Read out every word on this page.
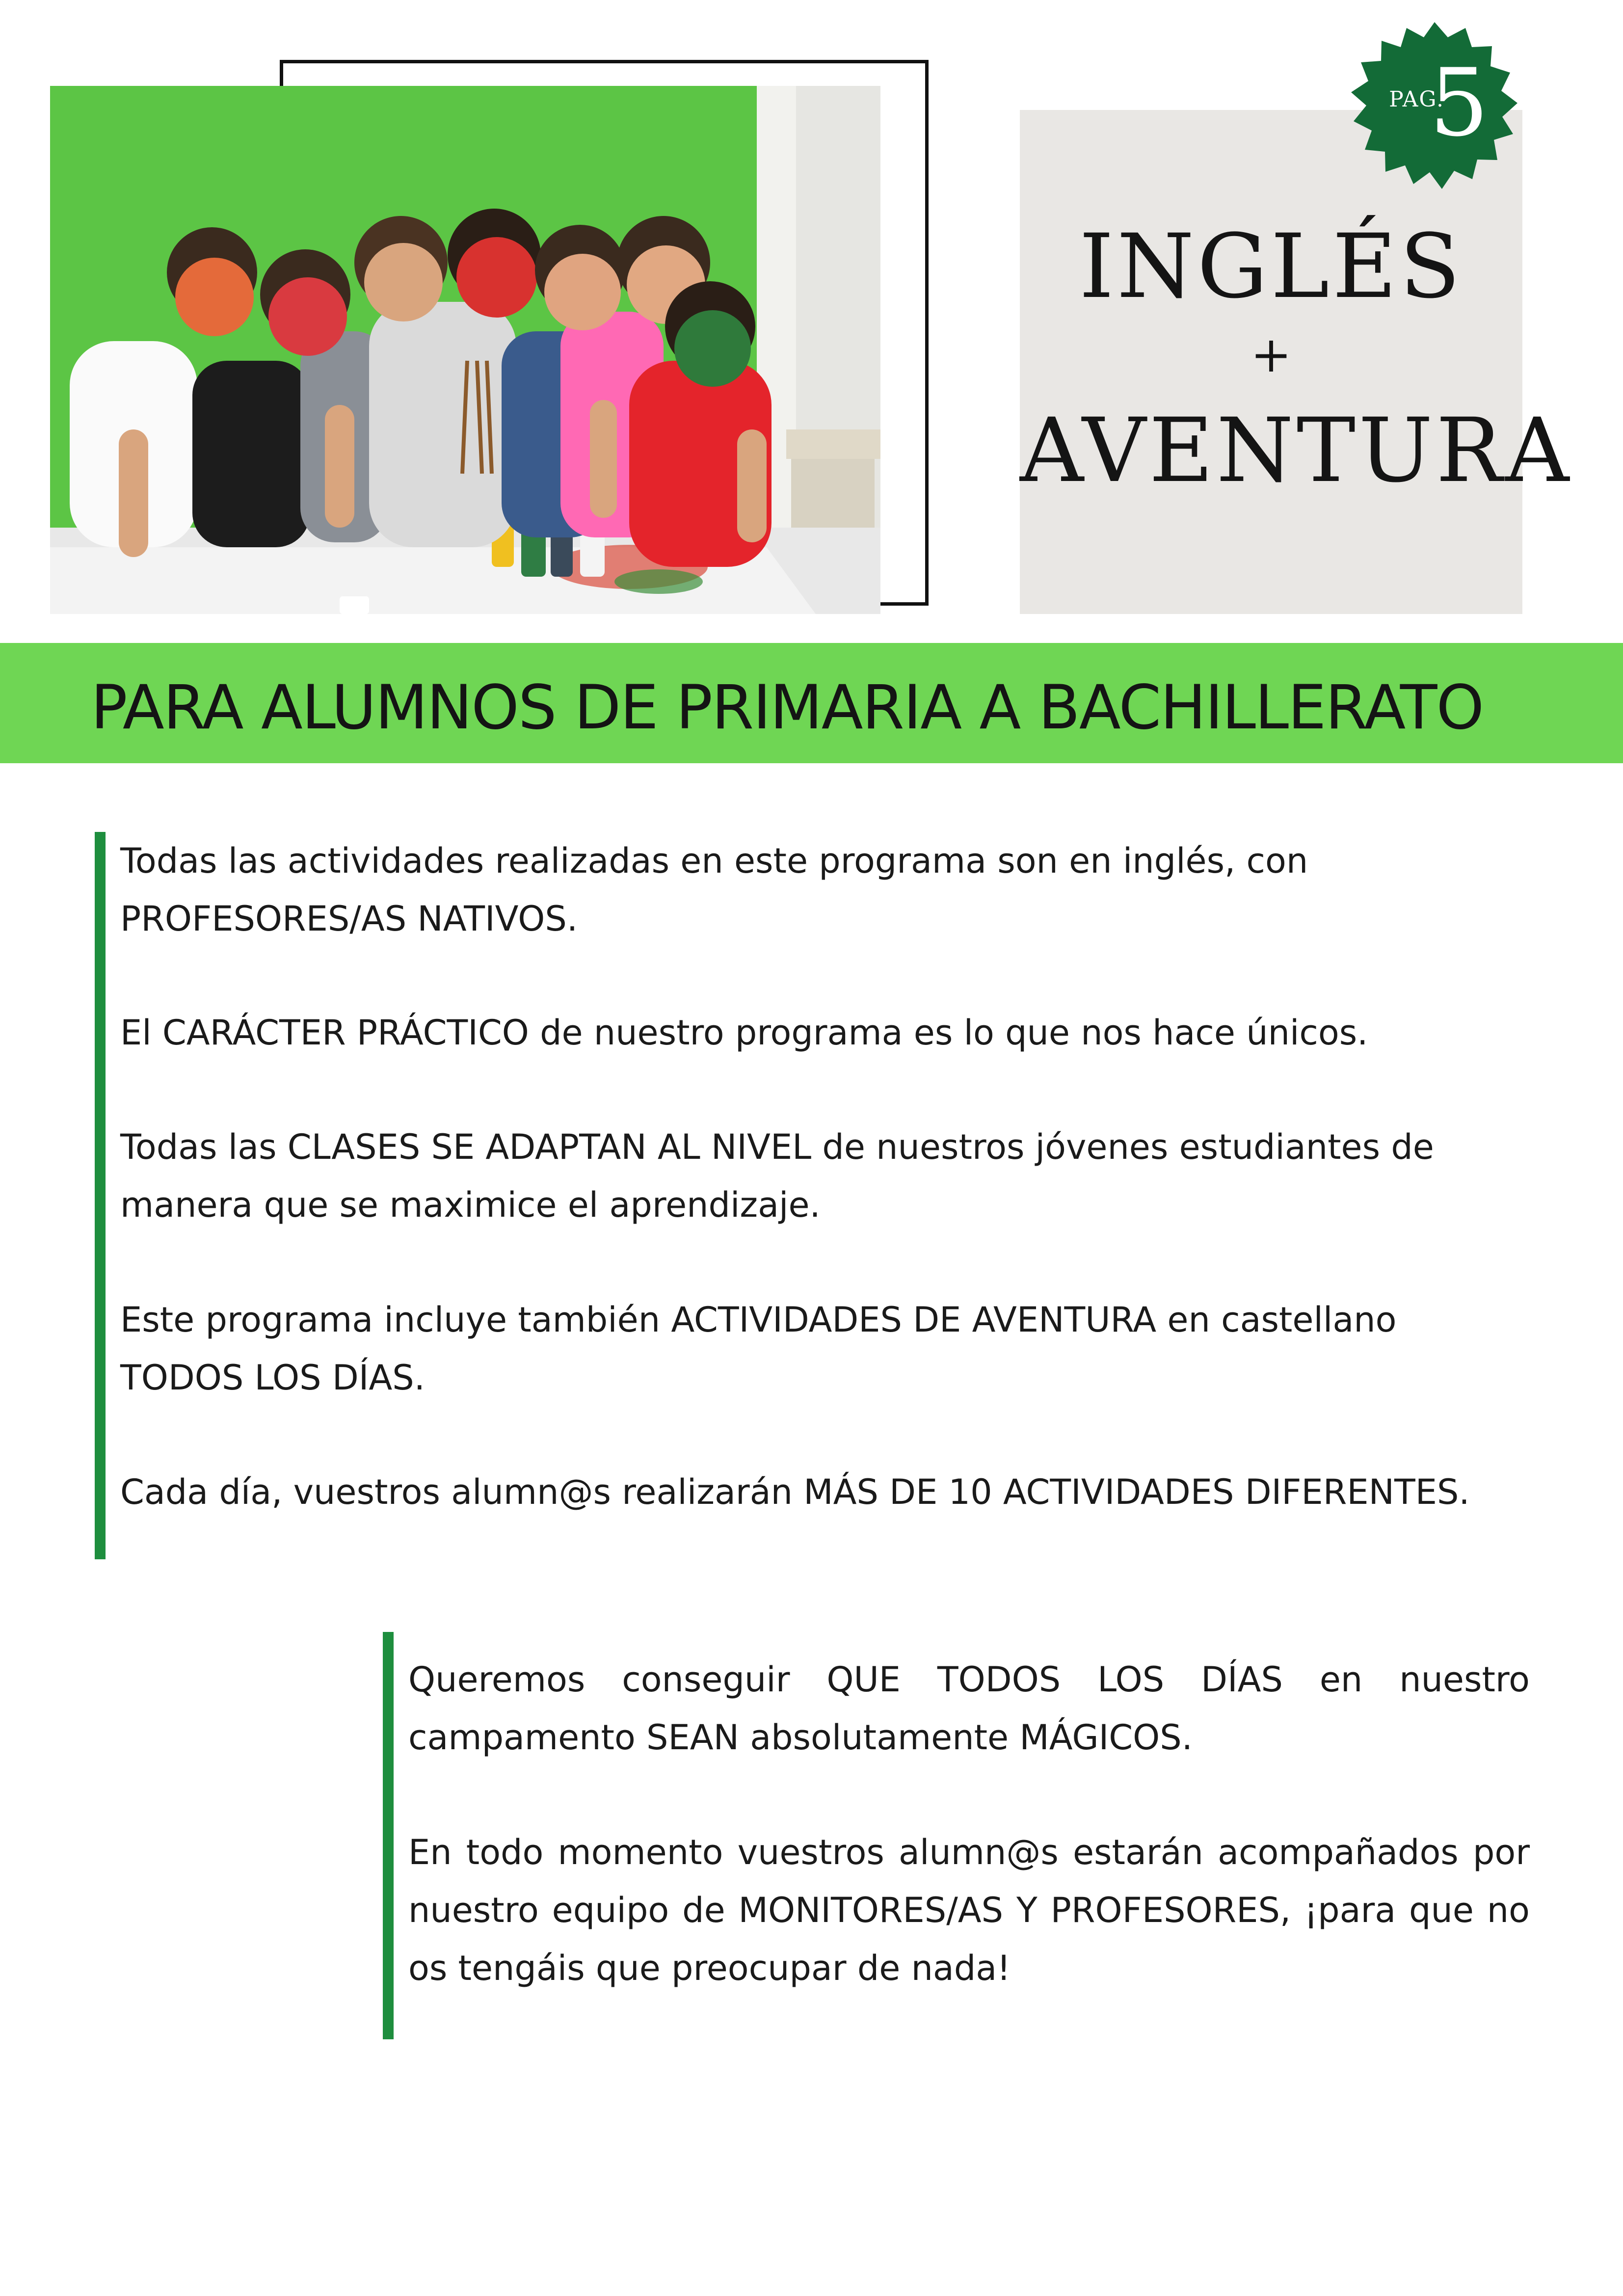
INGLÉS
+
AVENTURA
PAG.
5
PARA ALUMNOS DE PRIMARIA A BACHILLERATO

Todas las actividades realizadas en este programa son en inglés, con PROFESORES/AS NATIVOS.

El CARÁCTER PRÁCTICO de nuestro programa es lo que nos hace únicos.

Todas las CLASES SE ADAPTAN AL NIVEL de nuestros jóvenes estudiantes de manera que se maximice el aprendizaje.

Este programa incluye también ACTIVIDADES DE AVENTURA en castellano TODOS LOS DÍAS.

Cada día, vuestros alumn@s realizarán MÁS DE 10 ACTIVIDADES DIFERENTES.

Queremos conseguir QUE TODOS LOS DÍAS en nuestro campamento SEAN absolutamente MÁGICOS.

En todo momento vuestros alumn@s estarán acompañados por nuestro equipo de MONITORES/AS Y PROFESORES, ¡para que no os tengáis que preocupar de nada!
